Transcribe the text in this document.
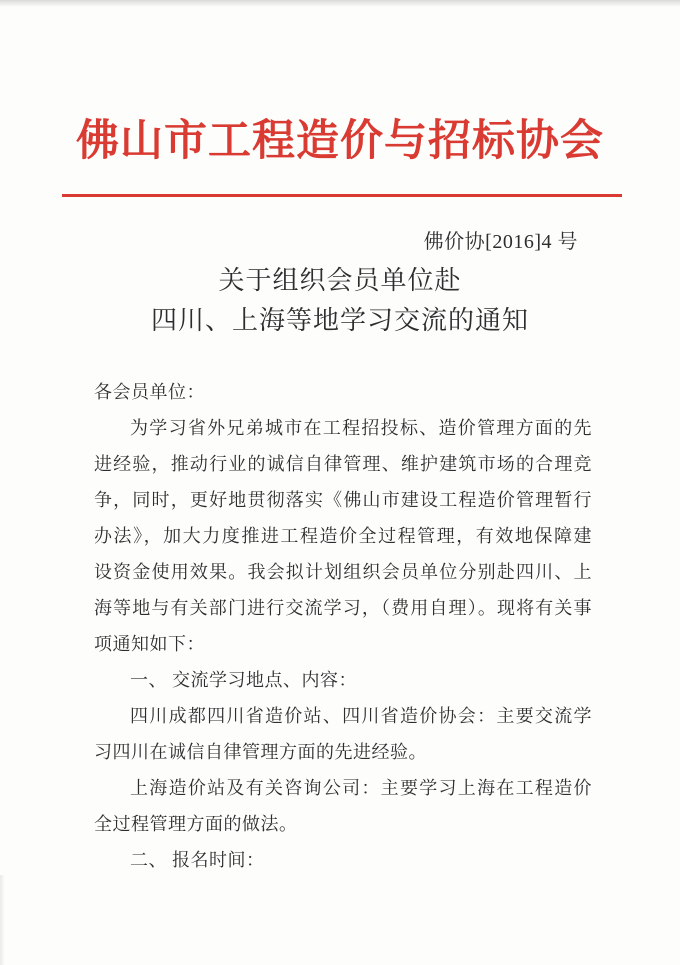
佛山市工程造价与招标协会
佛价协[2016]4 号
关于组织会员单位赴
四川、上海等地学习交流的通知
各会员单位：
为学习省外兄弟城市在工程招投标、造价管理方面的先
进经验，推动行业的诚信自律管理、维护建筑市场的合理竞
争，同时，更好地贯彻落实《佛山市建设工程造价管理暂行
办法》，加大力度推进工程造价全过程管理，有效地保障建
设资金使用效果。我会拟计划组织会员单位分别赴四川、上
海等地与有关部门进行交流学习，（费用自理）。现将有关事
项通知如下：
一、 交流学习地点、内容：
四川成都四川省造价站、四川省造价协会：主要交流学
习四川在诚信自律管理方面的先进经验。
上海造价站及有关咨询公司：主要学习上海在工程造价
全过程管理方面的做法。
二、 报名时间：
